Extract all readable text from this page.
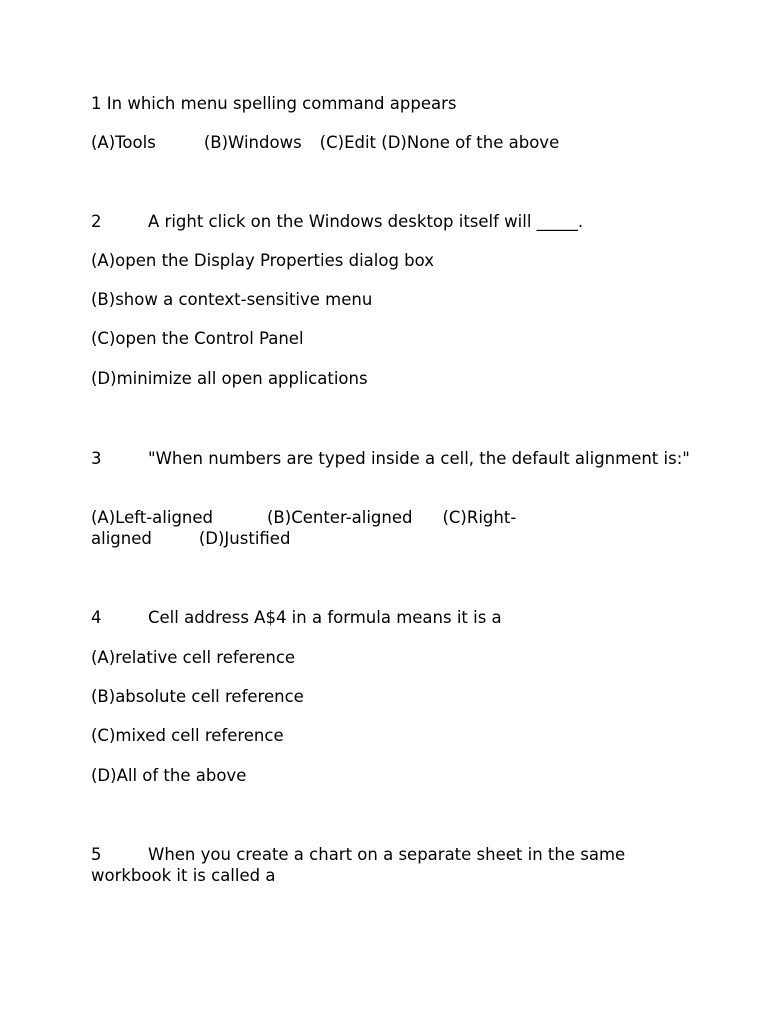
1 In which menu spelling command appears
(A)Tools	(B)Windows (C)Edit (D)None of the above
2	A right click on the Windows desktop itself will _____.
(A)open the Display Properties dialog box
(B)show a context-sensitive menu
(C)open the Control Panel
(D)minimize all open applications
3	"When numbers are typed inside a cell, the default alignment is:"
(A)Left-aligned	(B)Center-aligned (C)Right-
aligned	(D)Justified
4	Cell address A$4 in a formula means it is a
(A)relative cell reference
(B)absolute cell reference
(C)mixed cell reference
(D)All of the above
5	When you create a chart on a separate sheet in the same workbook it is called a
